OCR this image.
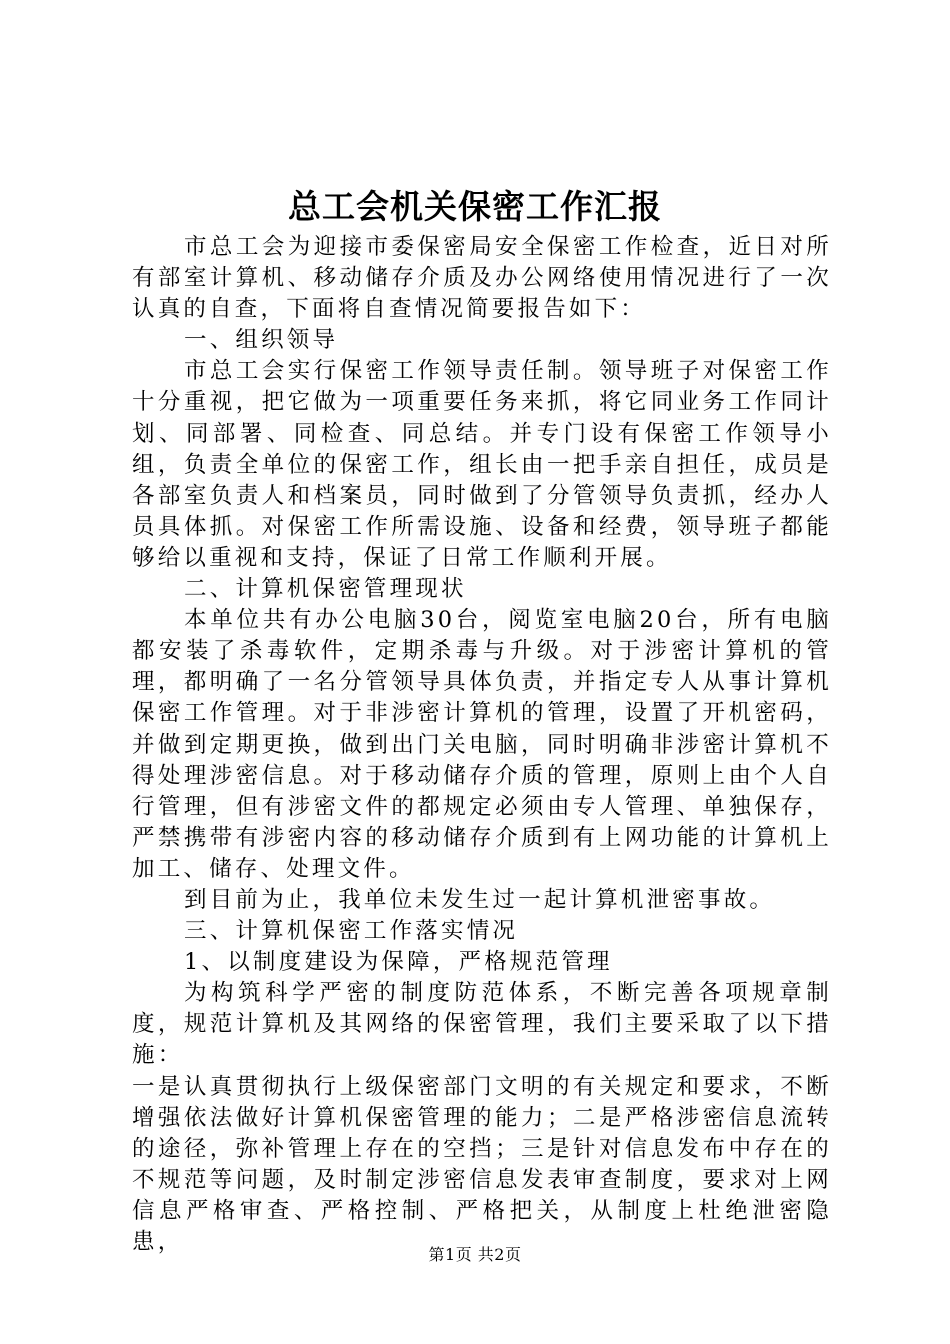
总工会机关保密工作汇报

市总工会为迎接市委保密局安全保密工作检查，近日对所有部室计算机、移动储存介质及办公网络使用情况进行了一次认真的自查，下面将自查情况简要报告如下：

一、组织领导

市总工会实行保密工作领导责任制。领导班子对保密工作十分重视，把它做为一项重要任务来抓，将它同业务工作同计划、同部署、同检查、同总结。并专门设有保密工作领导小组，负责全单位的保密工作，组长由一把手亲自担任，成员是各部室负责人和档案员，同时做到了分管领导负责抓，经办人员具体抓。对保密工作所需设施、设备和经费，领导班子都能够给以重视和支持，保证了日常工作顺利开展。

二、计算机保密管理现状

本单位共有办公电脑30台，阅览室电脑20台，所有电脑都安装了杀毒软件，定期杀毒与升级。对于涉密计算机的管理，都明确了一名分管领导具体负责，并指定专人从事计算机保密工作管理。对于非涉密计算机的管理，设置了开机密码，并做到定期更换，做到出门关电脑，同时明确非涉密计算机不得处理涉密信息。对于移动储存介质的管理，原则上由个人自行管理，但有涉密文件的都规定必须由专人管理、单独保存，严禁携带有涉密内容的移动储存介质到有上网功能的计算机上加工、储存、处理文件。

到目前为止，我单位未发生过一起计算机泄密事故。

三、计算机保密工作落实情况

1、以制度建设为保障，严格规范管理

为构筑科学严密的制度防范体系，不断完善各项规章制度，规范计算机及其网络的保密管理，我们主要采取了以下措施：

一是认真贯彻执行上级保密部门文明的有关规定和要求，不断增强依法做好计算机保密管理的能力；二是严格涉密信息流转的途径，弥补管理上存在的空挡；三是针对信息发布中存在的不规范等问题，及时制定涉密信息发表审查制度，要求对上网信息严格审查、严格控制、严格把关，从制度上杜绝泄密隐患，	第1页 共2页
